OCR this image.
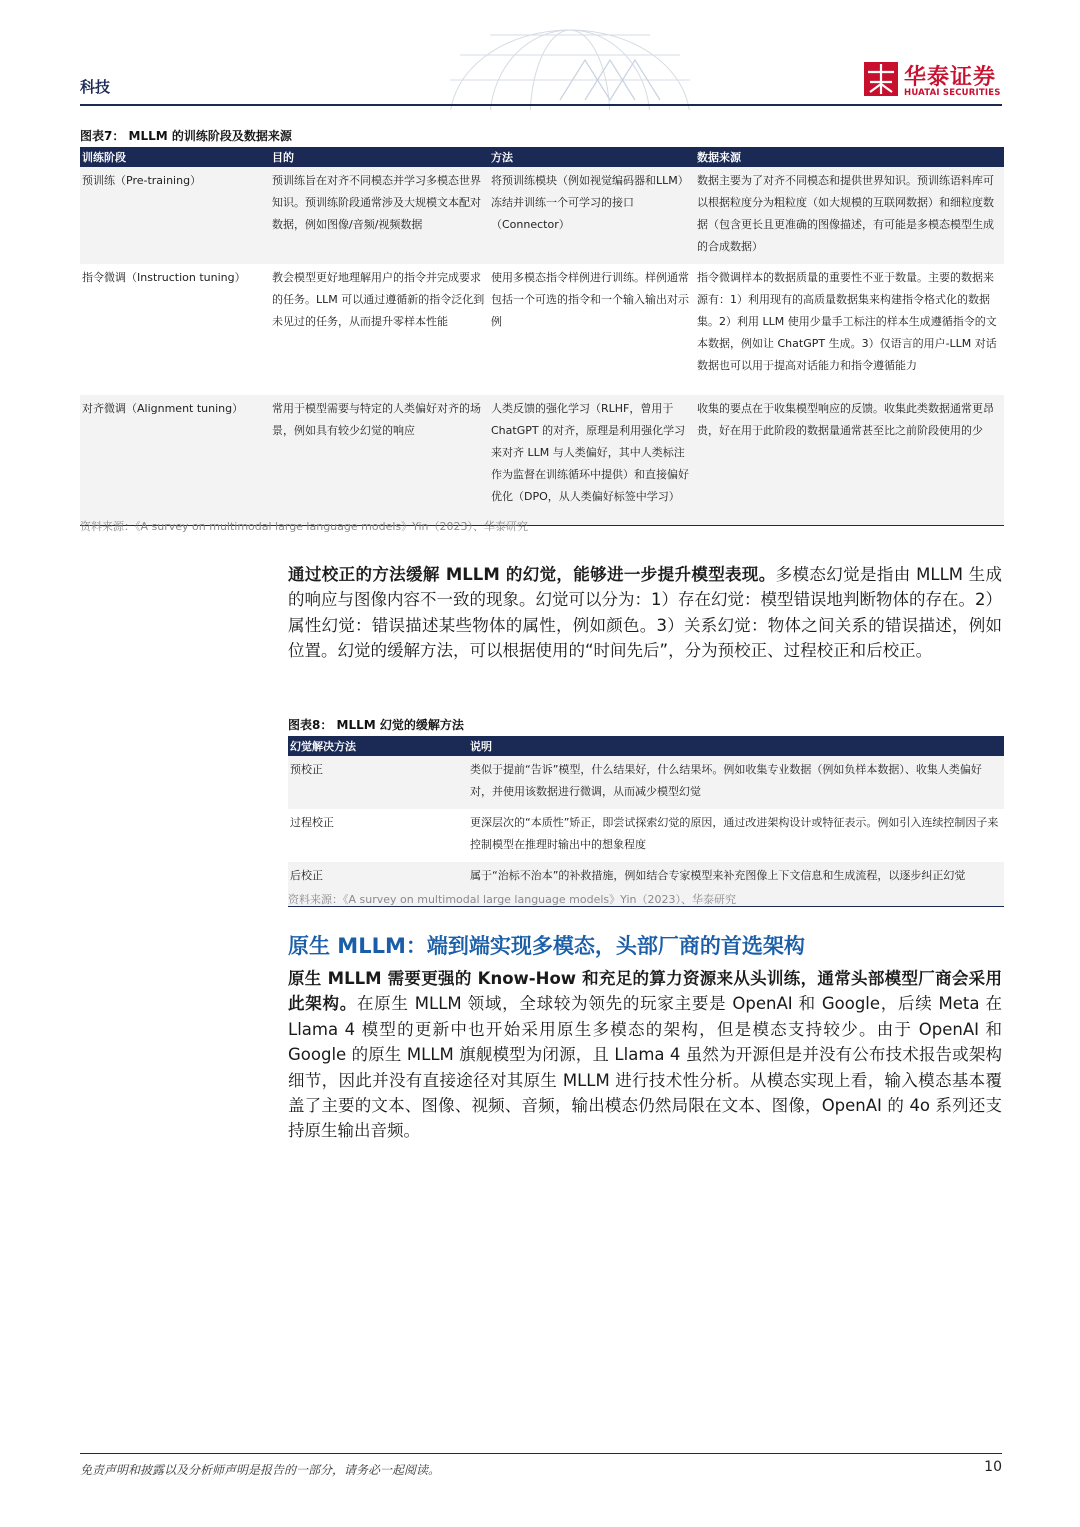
科技	华泰证券
HUATAI SECURITIES
图表7： MLLM 的训练阶段及数据来源
训练阶段	目的	方法	数据来源
预训练（Pre-training）	预训练旨在对齐不同模态并学习多模态世界知识。预训练阶段通常涉及大规模文本配对数据，例如图像/音频/视频数据	将预训练模块（例如视觉编码器和LLM）冻结并训练一个可学习的接口（Connector）	数据主要为了对齐不同模态和提供世界知识。预训练语料库可以根据粒度分为粗粒度（如大规模的互联网数据）和细粒度数据（包含更长且更准确的图像描述，有可能是多模态模型生成的合成数据）
指令微调（Instruction tuning）	教会模型更好地理解用户的指令并完成要求的任务。LLM 可以通过遵循新的指令泛化到未见过的任务，从而提升零样本性能	使用多模态指令样例进行训练。样例通常包括一个可选的指令和一个输入输出对示例	指令微调样本的数据质量的重要性不亚于数量。主要的数据来源有：1）利用现有的高质量数据集来构建指令格式化的数据集。2）利用 LLM 使用少量手工标注的样本生成遵循指令的文本数据，例如让 ChatGPT 生成。3）仅语言的用户-LLM 对话数据也可以用于提高对话能力和指令遵循能力
对齐微调（Alignment tuning）	常用于模型需要与特定的人类偏好对齐的场景，例如具有较少幻觉的响应	人类反馈的强化学习（RLHF，曾用于 ChatGPT 的对齐，原理是利用强化学习来对齐 LLM 与人类偏好，其中人类标注作为监督在训练循环中提供）和直接偏好优化（DPO，从人类偏好标签中学习）	收集的要点在于收集模型响应的反馈。收集此类数据通常更昂贵，好在用于此阶段的数据量通常甚至比之前阶段使用的少
资料来源：《A survey on multimodal large language models》Yin（2023）、华泰研究
通过校正的方法缓解 MLLM 的幻觉，能够进一步提升模型表现。多模态幻觉是指由 MLLM 生成的响应与图像内容不一致的现象。幻觉可以分为：1）存在幻觉：模型错误地判断物体的存在。2）属性幻觉：错误描述某些物体的属性，例如颜色。3）关系幻觉：物体之间关系的错误描述，例如位置。幻觉的缓解方法，可以根据使用的“时间先后”，分为预校正、过程校正和后校正。
图表8： MLLM 幻觉的缓解方法
幻觉解决方法	说明
预校正	类似于提前“告诉”模型，什么结果好，什么结果坏。例如收集专业数据（例如负样本数据）、收集人类偏好对，并使用该数据进行微调，从而减少模型幻觉
过程校正	更深层次的“本质性”矫正，即尝试探索幻觉的原因，通过改进架构设计或特征表示。例如引入连续控制因子来控制模型在推理时输出中的想象程度
后校正	属于“治标不治本”的补救措施，例如结合专家模型来补充图像上下文信息和生成流程，以逐步纠正幻觉
资料来源：《A survey on multimodal large language models》Yin（2023）、华泰研究
原生 MLLM：端到端实现多模态，头部厂商的首选架构
原生 MLLM 需要更强的 Know-How 和充足的算力资源来从头训练，通常头部模型厂商会采用此架构。在原生 MLLM 领域，全球较为领先的玩家主要是 OpenAI 和 Google，后续 Meta 在 Llama 4 模型的更新中也开始采用原生多模态的架构，但是模态支持较少。由于 OpenAI 和 Google 的原生 MLLM 旗舰模型为闭源，且 Llama 4 虽然为开源但是并没有公布技术报告或架构细节，因此并没有直接途径对其原生 MLLM 进行技术性分析。从模态实现上看，输入模态基本覆盖了主要的文本、图像、视频、音频，输出模态仍然局限在文本、图像，OpenAI 的 4o 系列还支持原生输出音频。
免责声明和披露以及分析师声明是报告的一部分，请务必一起阅读。	10
